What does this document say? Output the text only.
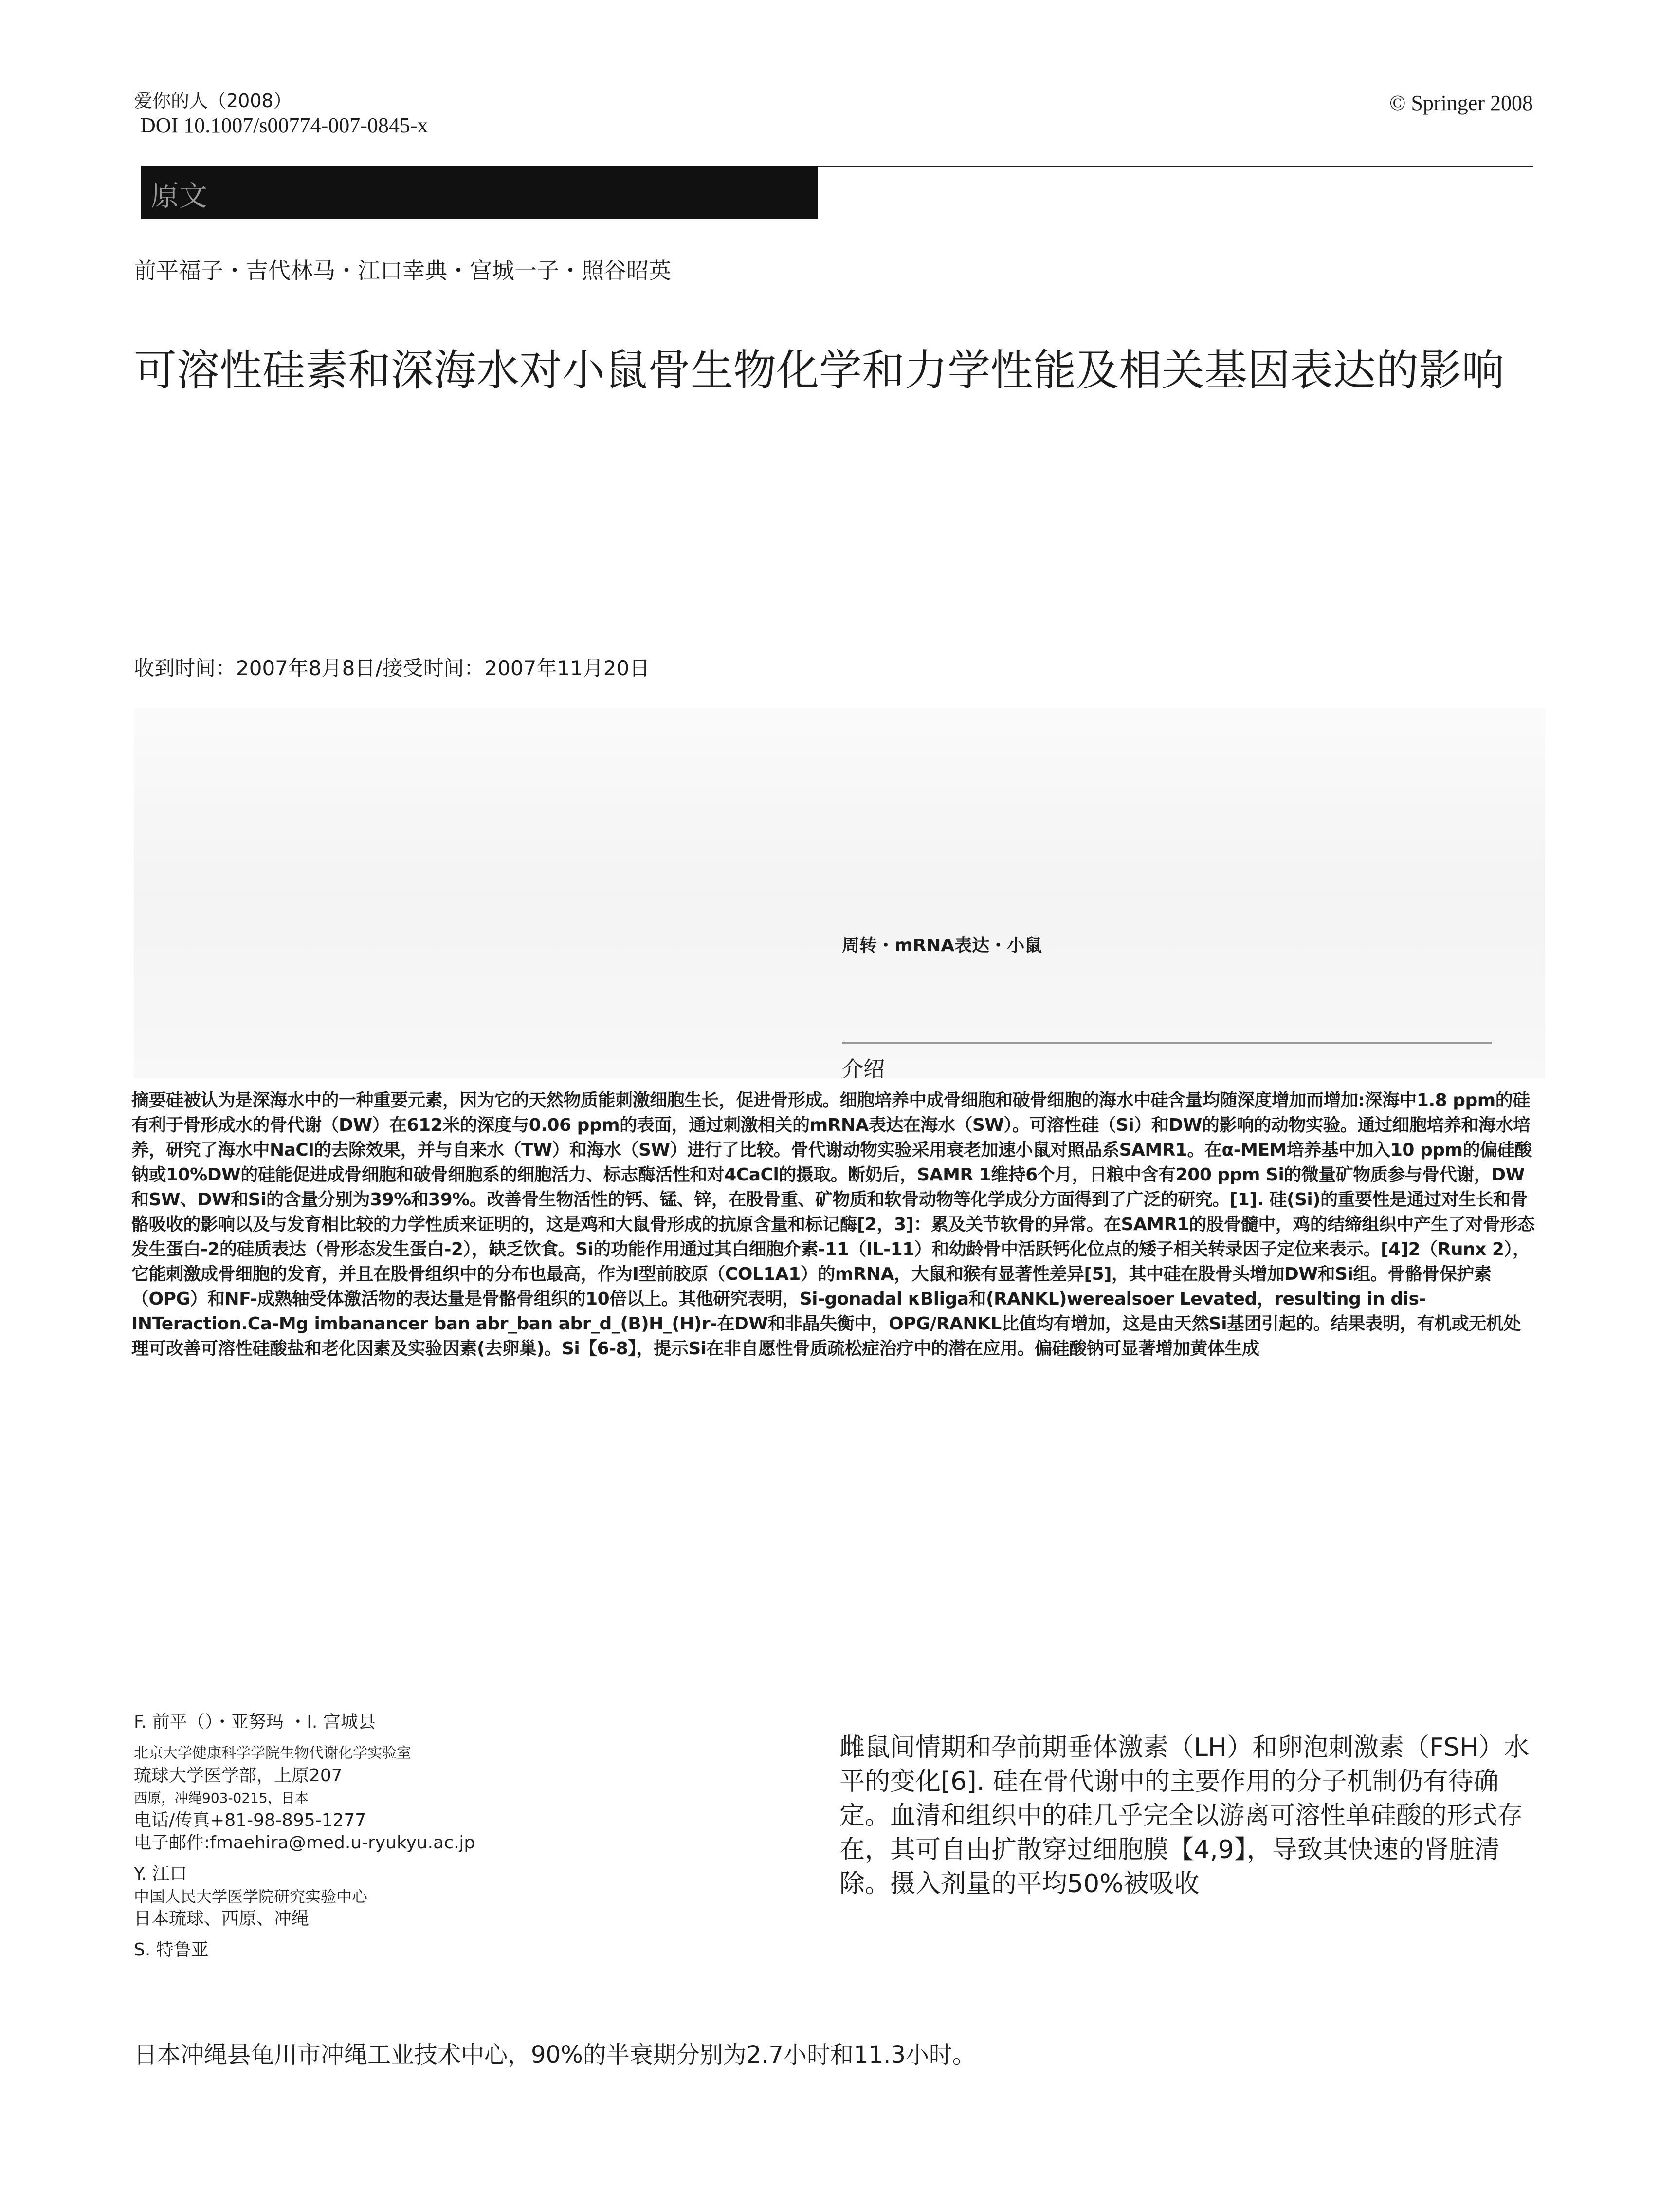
爱你的人（2008）
DOI 10.1007/s00774-007-0845-x
© Springer 2008
原文
前平福子・吉代林马・江口幸典・宫城一子・照谷昭英
可溶性硅素和深海水对小鼠骨生物化学和力学性能及相关基因表达的影响
收到时间：2007年8月8日/接受时间：2007年11月20日
周转・mRNA表达・小鼠
介绍
摘要硅被认为是深海水中的一种重要元素，因为它的天然物质能刺激细胞生长，促进骨形成。细胞培养中成骨细胞和破骨细胞的海水中硅含量均随深度增加而增加:深海中1.8 ppm的硅有利于骨形成水的骨代谢（DW）在612米的深度与0.06 ppm的表面，通过刺激相关的mRNA表达在海水（SW）。可溶性硅（Si）和DW的影响的动物实验。通过细胞培养和海水培养，研究了海水中NaCl的去除效果，并与自来水（TW）和海水（SW）进行了比较。骨代谢动物实验采用衰老加速小鼠对照品系SAMR1。在α-MEM培养基中加入10 ppm的偏硅酸钠或10%DW的硅能促进成骨细胞和破骨细胞系的细胞活力、标志酶活性和对4CaCl的摄取。断奶后，SAMR 1维持6个月，日粮中含有200 ppm Si的微量矿物质参与骨代谢，DW和SW、DW和Si的含量分别为39%和39%。改善骨生物活性的钙、锰、锌，在股骨重、矿物质和软骨动物等化学成分方面得到了广泛的研究。[1]. 硅(Si)的重要性是通过对生长和骨骼吸收的影响以及与发育相比较的力学性质来证明的，这是鸡和大鼠骨形成的抗原含量和标记酶[2，3]：累及关节软骨的异常。在SAMR1的股骨髓中，鸡的结缔组织中产生了对骨形态发生蛋白-2的硅质表达（骨形态发生蛋白-2），缺乏饮食。Si的功能作用通过其白细胞介素-11（IL-11）和幼龄骨中活跃钙化位点的矮子相关转录因子定位来表示。[4]2（Runx 2），它能刺激成骨细胞的发育，并且在股骨组织中的分布也最高，作为I型前胶原（COL1A1）的mRNA，大鼠和猴有显著性差异[5]，其中硅在股骨头增加DW和Si组。骨骼骨保护素（OPG）和NF-成熟轴受体激活物的表达量是骨骼骨组织的10倍以上。其他研究表明，Si-gonadal κBliga和(RANKL)werealsoer Levated，resulting in dis-INTeraction.Ca-Mg imbanancer ban abr_ban abr_d_(B)H_(H)r-在DW和非晶失衡中，OPG/RANKL比值均有增加，这是由天然Si基团引起的。结果表明，有机或无机处理可改善可溶性硅酸盐和老化因素及实验因素(去卵巢)。Si【6-8】，提示Si在非自愿性骨质疏松症治疗中的潜在应用。偏硅酸钠可显著增加黄体生成
F. 前平（）・亚努玛 ・I. 宫城县
北京大学健康科学学院生物代谢化学实验室
琉球大学医学部，上原207
西原，冲绳903-0215，日本
电话/传真+81-98-895-1277
电子邮件:fmaehira@med.u-ryukyu.ac.jp
Y. 江口
中国人民大学医学院研究实验中心
日本琉球、西原、冲绳
S. 特鲁亚
雌鼠间情期和孕前期垂体激素（LH）和卵泡刺激素（FSH）水平的变化[6]. 硅在骨代谢中的主要作用的分子机制仍有待确定。血清和组织中的硅几乎完全以游离可溶性单硅酸的形式存在，其可自由扩散穿过细胞膜【4,9】，导致其快速的肾脏清除。摄入剂量的平均50%被吸收
日本冲绳县龟川市冲绳工业技术中心，90%的半衰期分别为2.7小时和11.3小时。
